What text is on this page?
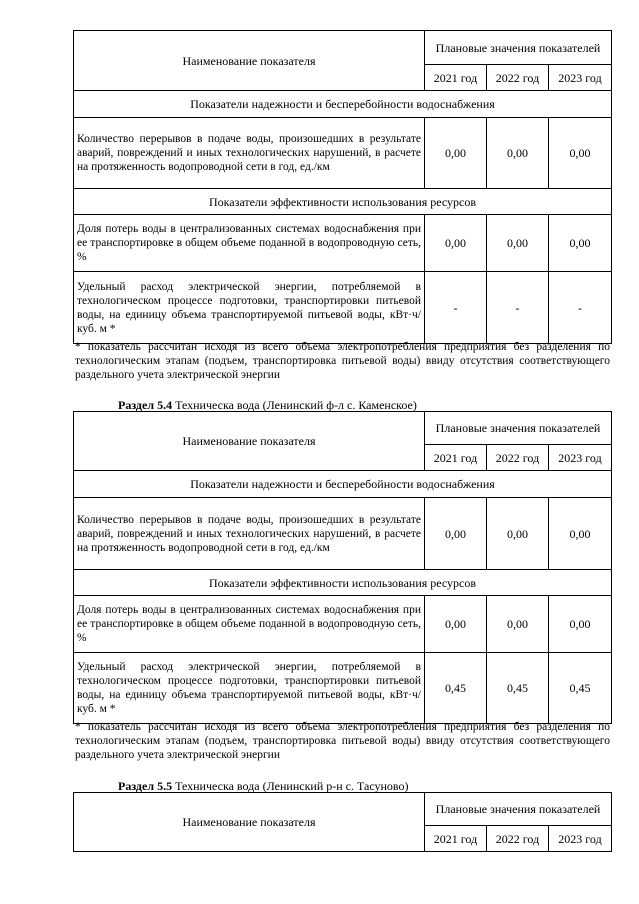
Наименование показателя	Плановые значения показателей		
	2021 год	2022 год	2023 год
Показатели надежности и бесперебойности водоснабжения			
Количество перерывов в подаче воды, произошедших в результате аварий, повреждений и иных технологических нарушений, в расчете на протяженность водопроводной сети в год, ед./км	0,00	0,00	0,00
Показатели эффективности использования ресурсов			
Доля потерь воды в централизованных системах водоснабжения при ее транспортировке в общем объеме поданной в водопроводную сеть, %	0,00	0,00	0,00
Удельный расход электрической энергии, потребляемой в технологическом процессе подготовки, транспортировки питьевой воды, на единицу объема транспортируемой питьевой воды, кВт·ч/куб. м *	-	-	-
* показатель рассчитан исходя из всего объема электропотребления предприятия без разделения по технологическим этапам (подъем, транспортировка питьевой воды) ввиду отсутствия соответствующего раздельного учета электрической энергии
Раздел 5.4 Техническа вода (Ленинский ф-л с. Каменское)
Наименование показателя	Плановые значения показателей		
	2021 год	2022 год	2023 год
Показатели надежности и бесперебойности водоснабжения			
Количество перерывов в подаче воды, произошедших в результате аварий, повреждений и иных технологических нарушений, в расчете на протяженность водопроводной сети в год, ед./км	0,00	0,00	0,00
Показатели эффективности использования ресурсов			
Доля потерь воды в централизованных системах водоснабжения при ее транспортировке в общем объеме поданной в водопроводную сеть, %	0,00	0,00	0,00
Удельный расход электрической энергии, потребляемой в технологическом процессе подготовки, транспортировки питьевой воды, на единицу объема транспортируемой питьевой воды, кВт·ч/куб. м *	0,45	0,45	0,45
* показатель рассчитан исходя из всего объема электропотребления предприятия без разделения по технологическим этапам (подъем, транспортировка питьевой воды) ввиду отсутствия соответствующего раздельного учета электрической энергии
Раздел 5.5 Техническа вода (Ленинский р-н с. Тасуново)
Наименование показателя	Плановые значения показателей		
	2021 год	2022 год	2023 год
